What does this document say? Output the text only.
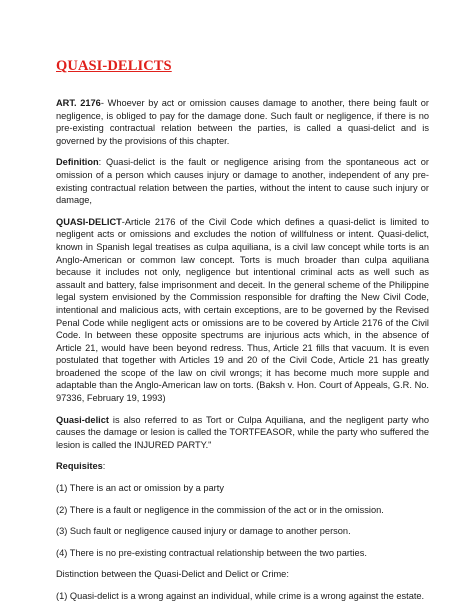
QUASI-DELICTS

ART. 2176- Whoever by act or omission causes damage to another, there being fault or negligence, is obliged to pay for the damage done. Such fault or negligence, if there is no pre-existing contractual relation between the parties, is called a quasi-delict and is governed by the provisions of this chapter.

Definition: Quasi-delict is the fault or negligence arising from the spontaneous act or omission of a person which causes injury or damage to another, independent of any pre-existing contractual relation between the parties, without the intent to cause such injury or damage,

QUASI-DELICT-Article 2176 of the Civil Code which defines a quasi-delict is limited to negligent acts or omissions and excludes the notion of willfulness or intent. Quasi-delict, known in Spanish legal treatises as culpa aquiliana, is a civil law concept while torts is an Anglo-American or common law concept. Torts is much broader than culpa aquiliana because it includes not only, negligence but intentional criminal acts as well such as assault and battery, false imprisonment and deceit. In the general scheme of the Philippine legal system envisioned by the Commission responsible for drafting the New Civil Code, intentional and malicious acts, with certain exceptions, are to be governed by the Revised Penal Code while negligent acts or omissions are to be covered by Article 2176 of the Civil Code. In between these opposite spectrums are injurious acts which, in the absence of Article 21, would have been beyond redress. Thus, Article 21 fills that vacuum. It is even postulated that together with Articles 19 and 20 of the Civil Code, Article 21 has greatly broadened the scope of the law on civil wrongs; it has become much more supple and adaptable than the Anglo-American law on torts. (Baksh v. Hon. Court of Appeals, G.R. No. 97336, February 19, 1993)

Quasi-delict is also referred to as Tort or Culpa Aquiliana, and the negligent party who causes the damage or lesion is called the TORTFEASOR, while the party who suffered the lesion is called the INJURED PARTY."

Requisites:

(1) There is an act or omission by a party

(2) There is a fault or negligence in the commission of the act or in the omission.

(3) Such fault or negligence caused injury or damage to another person.

(4) There is no pre-existing contractual relationship between the two parties.

Distinction between the Quasi-Delict and Delict or Crime:

(1) Quasi-delict is a wrong against an individual, while crime is a wrong against the estate.
